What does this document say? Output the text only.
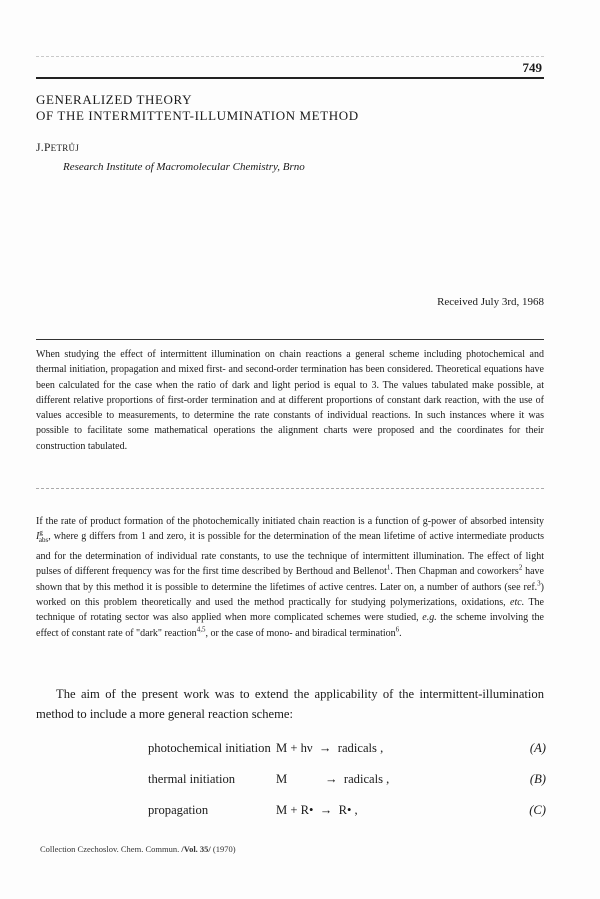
749
GENERALIZED THEORY
OF THE INTERMITTENT-ILLUMINATION METHOD
J.PETRŮJ
Research Institute of Macromolecular Chemistry, Brno
Received July 3rd, 1968
When studying the effect of intermittent illumination on chain reactions a general scheme including photochemical and thermal initiation, propagation and mixed first- and second-order termination has been considered. Theoretical equations have been calculated for the case when the ratio of dark and light period is equal to 3. The values tabulated make possible, at different relative proportions of first-order termination and at different proportions of constant dark reaction, with the use of values accesible to measurements, to determine the rate constants of individual reactions. In such instances where it was possible to facilitate some mathematical operations the alignment charts were proposed and the coordinates for their construction tabulated.
If the rate of product formation of the photochemically initiated chain reaction is a function of g-power of absorbed intensity $I^g_{abs}$, where g differs from 1 and zero, it is possible for the determination of the mean lifetime of active intermediate products and for the determination of individual rate constants, to use the technique of intermittent illumination. The effect of light pulses of different frequency was for the first time described by Berthoud and Bellenot$^1$. Then Chapman and coworkers$^2$ have shown that by this method it is possible to determine the lifetimes of active centres. Later on, a number of authors (see ref.$^3$) worked on this problem theoretically and used the method practically for studying polymerizations, oxidations, etc. The technique of rotating sector was also applied when more complicated schemes were studied, e.g. the scheme involving the effect of constant rate of "dark" reaction$^{4,5}$, or the case of mono- and biradical termination$^6$.

The aim of the present work was to extend the applicability of the intermittent-illumination method to include a more general reaction scheme:

photochemical initiation M + hν  →  radicals ,	(A)
thermal initiation	M            →  radicals ,	(B)
propagation	M + R•  →  R• ,	(C)
Collection Czechoslov. Chem. Commun. /Vol. 35/ (1970)
